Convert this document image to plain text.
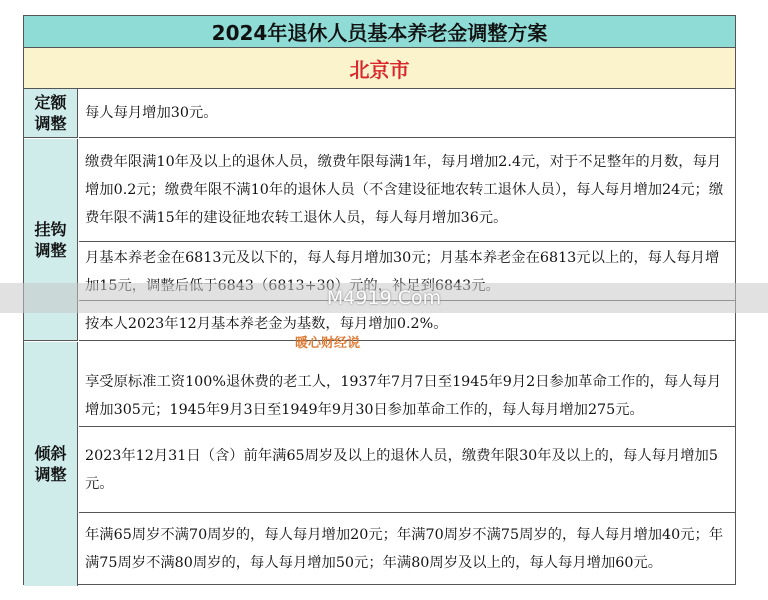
2024年退休人员基本养老金调整方案
北京市
定额调整
每人每月增加30元。
挂钩调整
缴费年限满10年及以上的退休人员，缴费年限每满1年，每月增加2.4元，对于不足整年的月数，每月增加0.2元；缴费年限不满10年的退休人员（不含建设征地农转工退休人员），每人每月增加24元；缴费年限不满15年的建设征地农转工退休人员，每人每月增加36元。
月基本养老金在6813元及以下的，每人每月增加30元；月基本养老金在6813元以上的，每人每月增
按本人2023年12月基本养老金为基数，每月增加0.2%。
倾斜调整
享受原标准工资100%退休费的老工人，1937年7月7日至1945年9月2日参加革命工作的，每人每月增加305元；1945年9月3日至1949年9月30日参加革命工作的，每人每月增加275元。
2023年12月31日（含）前年满65周岁及以上的退休人员，缴费年限30年及以上的，每人每月增加5元。
年满65周岁不满70周岁的，每人每月增加20元；年满70周岁不满75周岁的，每人每月增加40元；年满75周岁不满80周岁的，每人每月增加50元；年满80周岁及以上的，每人每月增加60元。
M4919.Com
暖心财经说
